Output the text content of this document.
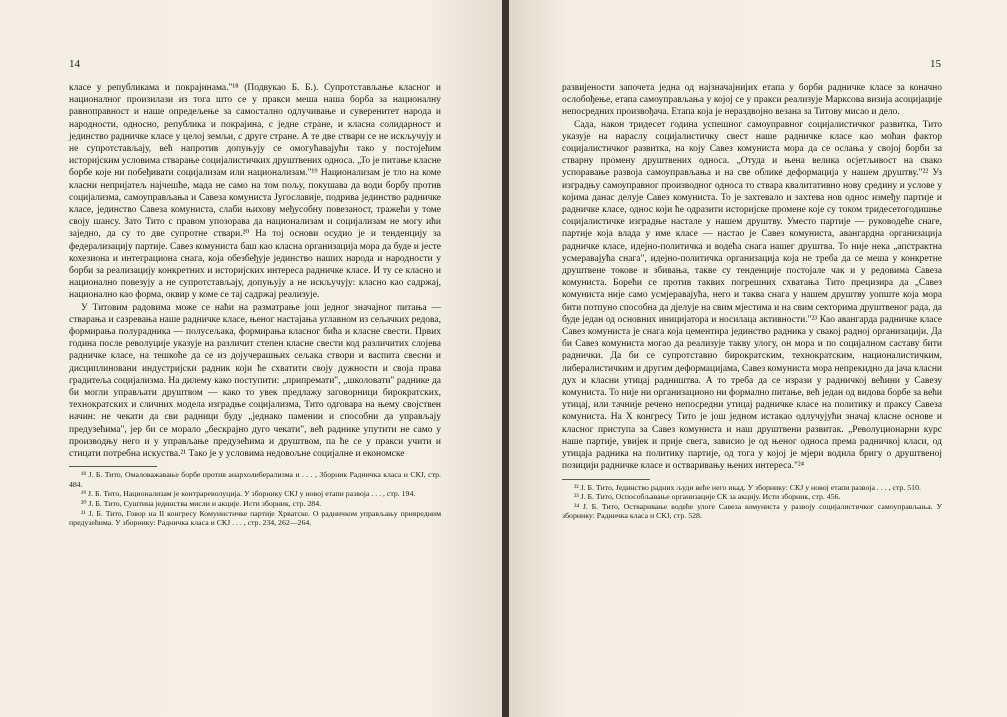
14

класе у републикама и покрајинама."¹⁸ (Подвукао Б. Б.). Супротстављање класног и националног произилази из тога што се у пракси меша наша борба за националну равноправност и наше опредељење за самостално одлучивање и суверенитет народа и народности, односно, република и покрајина, с једне стране, и класна солидарност и јединство радничке класе у целој земљи, с друге стране. А те две ствари се не искључују и не супротстављају, већ напротив допуњују се омогућавајући тако у постојећим историјским условима стварање социјалистичких друштвених односа. „То је питање класне борбе које ни побеђивати социјализам или национализам."¹⁹ Национализам је тло на коме класни непријатељ најчешће, мада не само на том пољу, покушава да води борбу против социјализма, самоуправљања и Савеза комуниста Југославије, подрива јединство радничке класе, јединство Савеза комуниста, слаби њихову међусобну повезаност, тражећи у томе своју шансу. Зато Тито с правом упозорава да национализам и социјализам не могу ићи заједно, да су то две супротне ствари.²⁰ На тој основи осудио је и тенденцију за федерализацију партије. Савез комуниста баш као класна организација мора да буде и јесте кохезиона и интеграциона снага, која обезбеђује јединство наших народа и народности у борби за реализацију конкретних и историјских интереса радничке класе. И ту се класно и национално повезују а не супротстављају, допуњују а не искључују: класно као садржај, национално као форма, оквир у коме се тај садржај реализује.

У Титовим радовима може се наћи на разматрање још једног значајног питања — стварања и сазревања наше радничке класе, њеног настајања углавном из сељачких редова, формирања полурадника — полусељака, формирања класног бића и класне свести. Првих година после револуције указује на различит степен класне свести код различитих слојева радничке класе, на тешкоће да се из дојучерашњих сељака створи и васпита свесни и дисциплиновани индустријски радник који ће схватити своју дужности и своја права градитеља социјализма. На дилему како поступити: „припремати", „школовати" раднике да би могли управљати друштвом — како то увек предлажу заговорници бирократских, технократских и сличних модела изградње социјализма, Тито одговара на њему својствен начин: не чекати да сви радници буду „једнако памении и способни да управљају предузећима", јер би се морало „бескрајно дуго чекати", већ раднике упутити не само у производњу него и у управљање предузећима и друштвом, па ће се у пракси учити и стицати потребна искуства.²¹ Тако је у условима недовољне социјалне и економске

¹⁸ Ј. Б. Тито, Омаловажавање борбе против анархолиберализма и . . . , Зборник Радничка класа и СКЈ, стр. 484.

¹⁹ Ј. Б. Тито, Национализам је контрареволуција. У зборнику СКЈ у новој етапи развоја . . . , стр. 194.

²⁰ Ј. Б. Тито, Суштина јединства мисли и акције. Исти зборник, стр. 284.

²¹ Ј. Б. Тито, Говор на II конгресу Комунистичке партије Хрватске. О радничком управљању привредним предузећима. У зборнику: Радничка класа и СКЈ . . . , стр. 234, 262—264.

15

развијености започета једна од најзначајнијих етапа у борби радничке класе за коначно ослобођење, етапа самоуправљања у којој се у пракси реализује Марксова визија асоцијације непосредних произвођача. Етапа која је нераздвојно везана за Титову мисао и дело.

Сада, након тридесет година успешног самоуправног социјалистичког развитка, Тито указује на нараслу социјалистичку свест наше радничке класе као моћан фактор социјалистичког развитка, на коју Савез комуниста мора да се ослања у својој борби за стварну промену друштвених односа. „Отуда и њена велика осјетљивост на свако успоравање развоја самоуправљања и на све облике деформација у нашем друштву."²² Уз изградњу самоуправног производног односа то ствара квалитативно нову средину и услове у којима данас делује Савез комуниста. То је захтевало и захтева нов однос између партије и радничке класе, однос који ће одразити историјске промене које су током тридесетогодишње социјалистичке изградње настале у нашем друштву. Уместо партије — руководеће снаге, партије која влада у име класе — настао је Савез комуниста, авангардна организација радничке класе, идејно-политичка и водећа снага нашег друштва. То није нека „апстрактна усмеравајућа снага", идејно-политичка организација која не треба да се меша у конкретне друштвене токове и збивања, такве су тенденције постојале чак и у редовима Савеза комуниста. Борећи се против таквих погрешних схватања Тито прецизира да „Савез комуниста није само усмјеравајућа, него и таква снага у нашем друштву уопште која мора бити потпуно способна да дјелује на свим мјестима и на свим секторима друштвеног рада, да буде један од основних иницијатора и носилаца активности."²³ Као авангарда радничке класе Савез комуниста је снага која цементира јединство радника у свакој радној организацији. Да би Савез комуниста могао да реализује такву улогу, он мора и по социјалном саставу бити раднички. Да би се супротставио бирократским, технократским, националистичким, либералистичким и другим деформацијама, Савез комуниста мора непрекидно да јача класни дух и класни утицај радништва. А то треба да се изрази у радничкој већини у Савезу комуниста. То није ни организационо ни формално питање, већ један од видова борбе за већи утицај, или тачније речено непосредни утицај радничке класе на политику и праксу Савеза комуниста. На X конгресу Тито је још једном истакао одлучујући значај класне основе и класног приступа за Савез комуниста и наш друштвени развитак. „Револуционарни курс наше партије, увијек и прије свега, зависио је од њеног односа према радничкој класи, од утицаја радника на политику партије, од тога у којој је мјери водила бригу о друштвеној позицији радничке класе и остваривању њених интереса."²⁴

²² Ј. Б. Тито, Јединство радних људи веће него икад. У зборнику: СКЈ у новој етапи развоја . . . , стр. 510.

²³ Ј. Б. Тито, Оспособљавање организације СК за акцију. Исти зборник, стр. 456.

²⁴ Ј. Б. Тито, Остваривање водеће улоге Савеза комуниста у развоју социјалистичког самоуправљања. У зборнику: Радничка класа и СКЈ, стр. 528.
